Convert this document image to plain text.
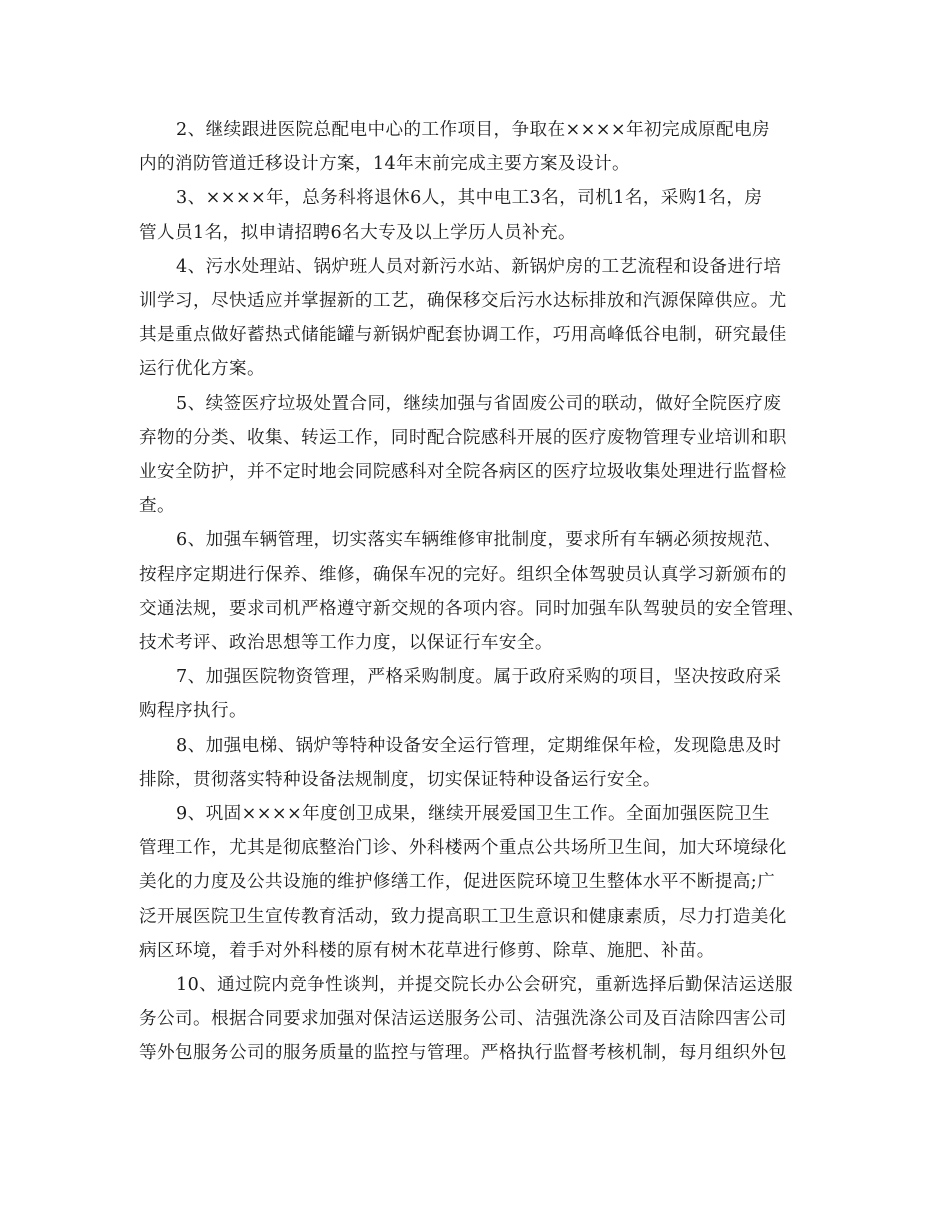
2、继续跟进医院总配电中心的工作项目，争取在××××年初完成原配电房
内的消防管道迁移设计方案，14年末前完成主要方案及设计。

3、××××年，总务科将退休6人，其中电工3名，司机1名，采购1名，房
管人员1名，拟申请招聘6名大专及以上学历人员补充。

4、污水处理站、锅炉班人员对新污水站、新锅炉房的工艺流程和设备进行培
训学习，尽快适应并掌握新的工艺，确保移交后污水达标排放和汽源保障供应。尤
其是重点做好蓄热式储能罐与新锅炉配套协调工作，巧用高峰低谷电制，研究最佳
运行优化方案。

5、续签医疗垃圾处置合同，继续加强与省固废公司的联动，做好全院医疗废
弃物的分类、收集、转运工作，同时配合院感科开展的医疗废物管理专业培训和职
业安全防护，并不定时地会同院感科对全院各病区的医疗垃圾收集处理进行监督检
查。

6、加强车辆管理，切实落实车辆维修审批制度，要求所有车辆必须按规范、
按程序定期进行保养、维修，确保车况的完好。组织全体驾驶员认真学习新颁布的
交通法规，要求司机严格遵守新交规的各项内容。同时加强车队驾驶员的安全管理、
技术考评、政治思想等工作力度，以保证行车安全。

7、加强医院物资管理，严格采购制度。属于政府采购的项目，坚决按政府采
购程序执行。

8、加强电梯、锅炉等特种设备安全运行管理，定期维保年检，发现隐患及时
排除，贯彻落实特种设备法规制度，切实保证特种设备运行安全。

9、巩固××××年度创卫成果，继续开展爱国卫生工作。全面加强医院卫生
管理工作，尤其是彻底整治门诊、外科楼两个重点公共场所卫生间，加大环境绿化
美化的力度及公共设施的维护修缮工作，促进医院环境卫生整体水平不断提高;广
泛开展医院卫生宣传教育活动，致力提高职工卫生意识和健康素质，尽力打造美化
病区环境，着手对外科楼的原有树木花草进行修剪、除草、施肥、补苗。

10、通过院内竞争性谈判，并提交院长办公会研究，重新选择后勤保洁运送服
务公司。根据合同要求加强对保洁运送服务公司、洁强洗涤公司及百洁除四害公司
等外包服务公司的服务质量的监控与管理。严格执行监督考核机制，每月组织外包
